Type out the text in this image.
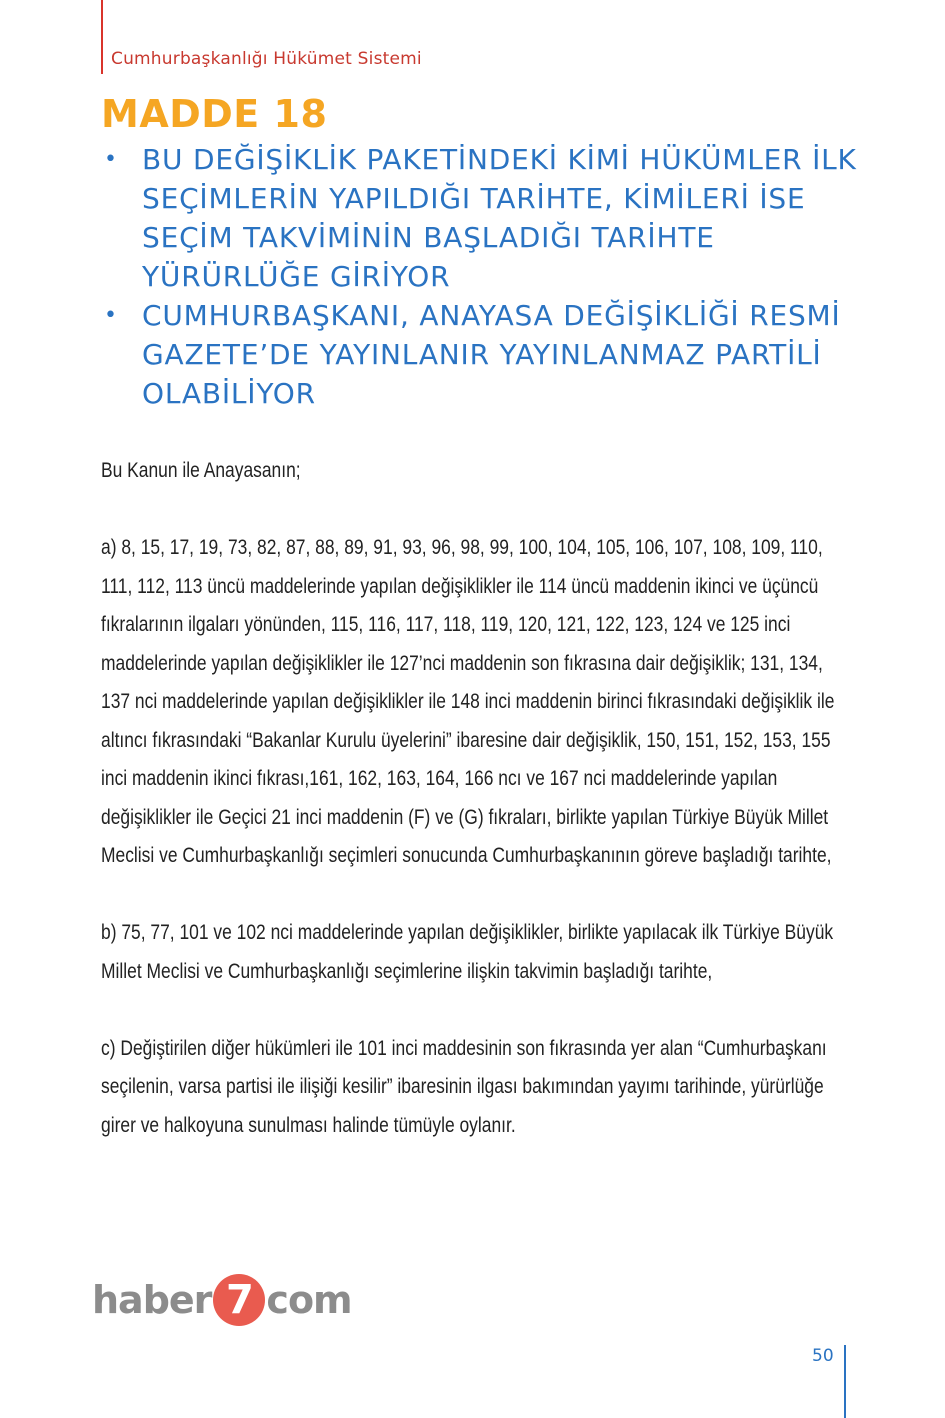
Cumhurbaşkanlığı Hükümet Sistemi
MADDE 18
• BU DEĞİŞİKLİK PAKETİNDEKİ KİMİ HÜKÜMLER İLK SEÇİMLERİN YAPILDIĞI TARİHTE, KİMİLERİ İSE SEÇİM TAKVİMİNİN BAŞLADIĞI TARİHTE YÜRÜRLÜĞE GİRİYOR
• CUMHURBAŞKANI, ANAYASA DEĞİŞİKLİĞİ RESMİ GAZETE’DE YAYINLANIR YAYINLANMAZ PARTİLİ OLABİLİYOR

Bu Kanun ile Anayasanın;

a) 8, 15, 17, 19, 73, 82, 87, 88, 89, 91, 93, 96, 98, 99, 100, 104, 105, 106, 107, 108, 109, 110, 111, 112, 113 üncü maddelerinde yapılan değişiklikler ile 114 üncü maddenin ikinci ve üçüncü fıkralarının ilgaları yönünden, 115, 116, 117, 118, 119, 120, 121, 122, 123, 124 ve 125 inci maddelerinde yapılan değişiklikler ile 127’nci maddenin son fıkrasına dair değişiklik; 131, 134, 137 nci maddelerinde yapılan değişiklikler ile 148 inci maddenin birinci fıkrasındaki değişiklik ile altıncı fıkrasındaki “Bakanlar Kurulu üyelerini” ibaresine dair değişiklik, 150, 151, 152, 153, 155 inci maddenin ikinci fıkrası,161, 162, 163, 164, 166 ncı ve 167 nci maddelerinde yapılan değişiklikler ile Geçici 21 inci maddenin (F) ve (G) fıkraları, birlikte yapılan Türkiye Büyük Millet Meclisi ve Cumhurbaşkanlığı seçimleri sonucunda Cumhurbaşkanının göreve başladığı tarihte,

b) 75, 77, 101 ve 102 nci maddelerinde yapılan değişiklikler, birlikte yapılacak ilk Türkiye Büyük Millet Meclisi ve Cumhurbaşkanlığı seçimlerine ilişkin takvimin başladığı tarihte,

c) Değiştirilen diğer hükümleri ile 101 inci maddesinin son fıkrasında yer alan “Cumhurbaşkanı seçilenin, varsa partisi ile ilişiği kesilir” ibaresinin ilgası bakımından yayımı tarihinde, yürürlüğe girer ve halkoyuna sunulması halinde tümüyle oylanır.

haber 7 com
50
